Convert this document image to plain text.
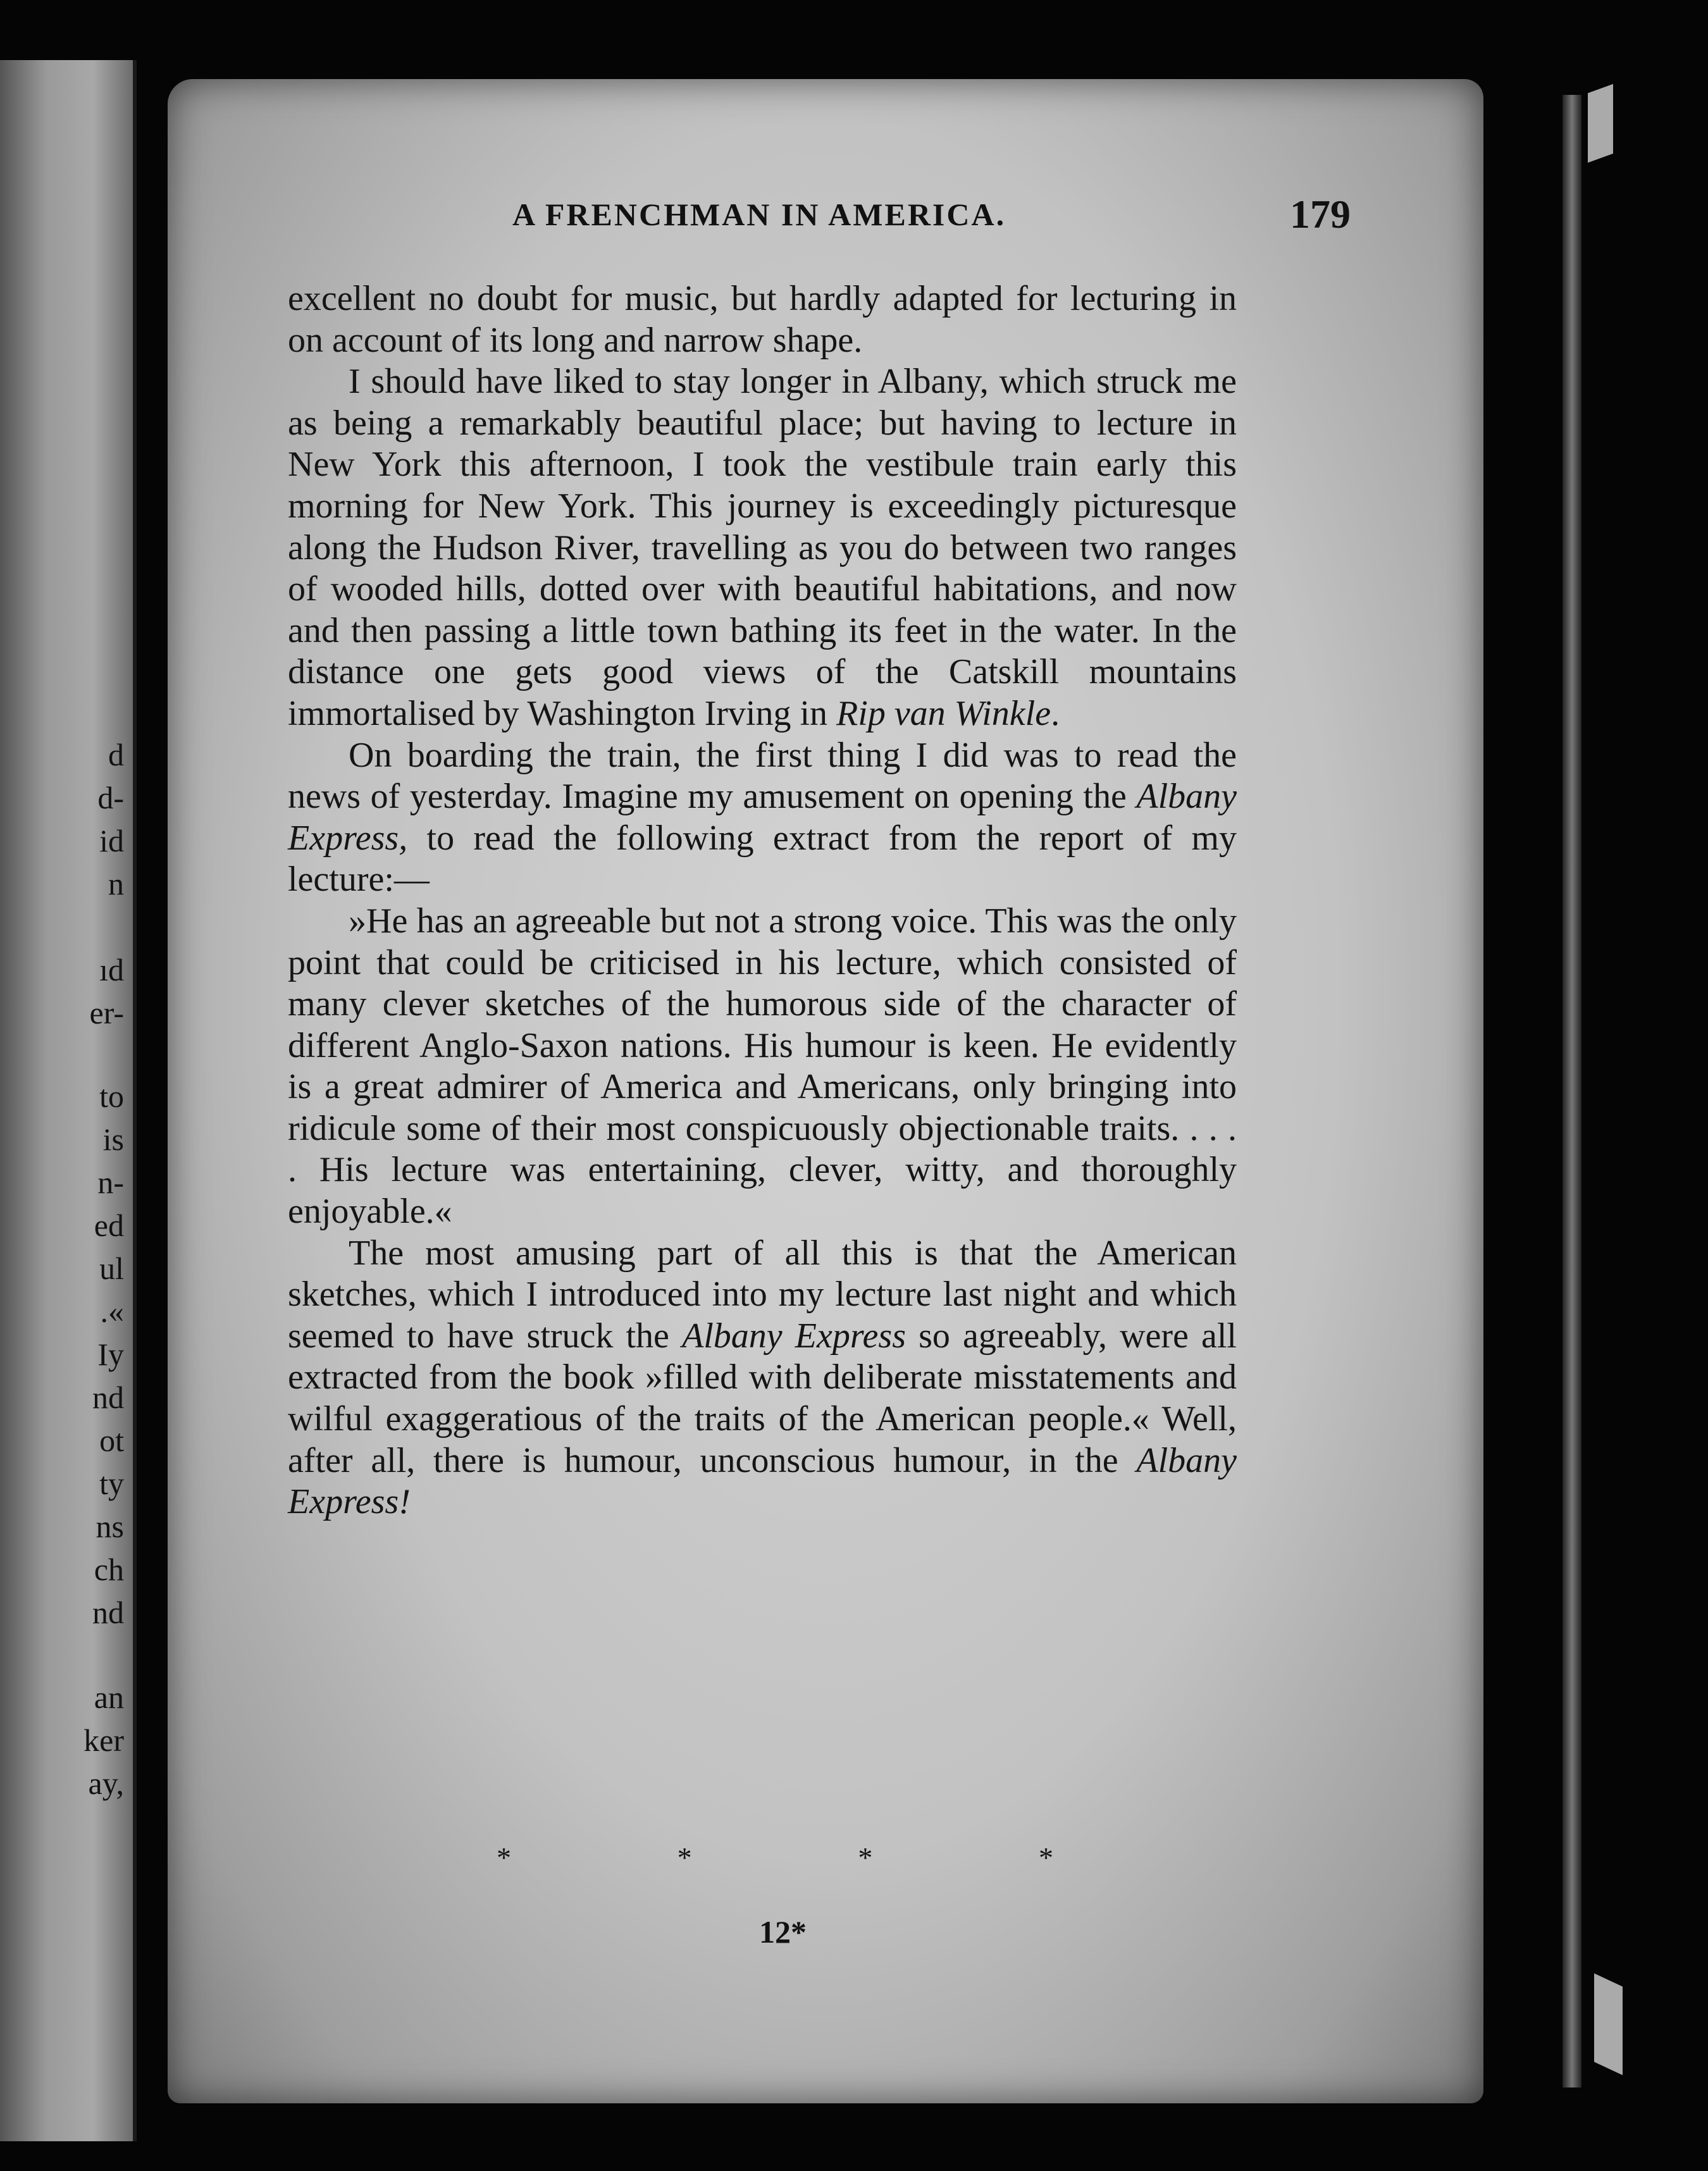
d
d-
id
n
ıd
er-
to
is
n-
ed
ul
.«
Iy
nd
ot
ty
ns
ch
nd
an
ker
ay,
A FRENCHMAN IN AMERICA.	179

excellent no doubt for music, but hardly adapted for lecturing in on account of its long and narrow shape.

I should have liked to stay longer in Albany, which struck me as being a remarkably beautiful place; but having to lecture in New York this afternoon, I took the vestibule train early this morning for New York. This journey is exceedingly picturesque along the Hudson River, travelling as you do between two ranges of wooded hills, dotted over with beautiful habitations, and now and then passing a little town bathing its feet in the water. In the distance one gets good views of the Catskill mountains immortalised by Washington Irving in Rip van Winkle.

On boarding the train, the first thing I did was to read the news of yesterday. Imagine my amusement on opening the Albany Express, to read the following extract from the report of my lecture:—

»He has an agreeable but not a strong voice. This was the only point that could be criticised in his lecture, which consisted of many clever sketches of the humorous side of the character of different Anglo-Saxon nations. His humour is keen. He evidently is a great admirer of America and Americans, only bringing into ridicule some of their most conspicuously objectionable traits. . . . . His lecture was entertaining, clever, witty, and thoroughly enjoyable.«

The most amusing part of all this is that the American sketches, which I introduced into my lecture last night and which seemed to have struck the Albany Express so agreeably, were all extracted from the book »filled with deliberate misstatements and wilful exaggeratious of the traits of the American people.« Well, after all, there is humour, unconscious humour, in the Albany Express!

*	*	*	*
12*
